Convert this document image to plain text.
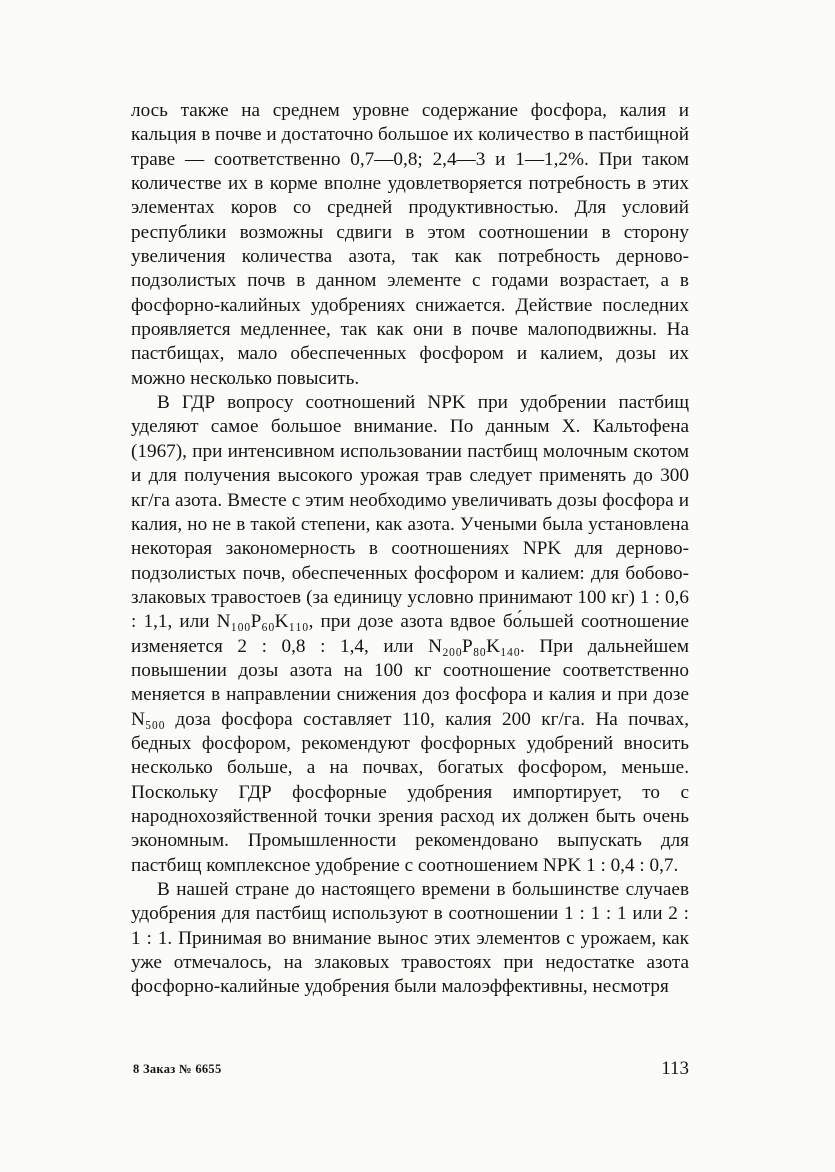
лось также на среднем уровне содержание фосфора, калия и кальция в почве и достаточно большое их количество в пастбищной траве — соответственно 0,7—0,8; 2,4—3 и 1—1,2%. При таком количестве их в корме вполне удовлетворяется потребность в этих элементах коров со средней продуктивностью. Для условий республики возможны сдвиги в этом соотношении в сторону увеличения количества азота, так как потребность дерново-подзолистых почв в данном элементе с годами возрастает, а в фосфорно-калийных удобрениях снижается. Действие последних проявляется медленнее, так как они в почве малоподвижны. На пастбищах, мало обеспеченных фосфором и калием, дозы их можно несколько повысить.

В ГДР вопросу соотношений NPK при удобрении пастбищ уделяют самое большое внимание. По данным Х. Кальтофена (1967), при интенсивном использовании пастбищ молочным скотом и для получения высокого урожая трав следует применять до 300 кг/га азота. Вместе с этим необходимо увеличивать дозы фосфора и калия, но не в такой степени, как азота. Учеными была установлена некоторая закономерность в соотношениях NPK для дерново-подзолистых почв, обеспеченных фосфором и калием: для бобово-злаковых травостоев (за единицу условно принимают 100 кг) 1 : 0,6 : 1,1, или N₁₀₀P₆₀K₁₁₀, при дозе азота вдвое бо́льшей соотношение изменяется 2 : 0,8 : 1,4, или N₂₀₀P₈₀K₁₄₀. При дальнейшем повышении дозы азота на 100 кг соотношение соответственно меняется в направлении снижения доз фосфора и калия и при дозе N₅₀₀ доза фосфора составляет 110, калия 200 кг/га. На почвах, бедных фосфором, рекомендуют фосфорных удобрений вносить несколько больше, а на почвах, богатых фосфором, меньше. Поскольку ГДР фосфорные удобрения импортирует, то с народнохозяйственной точки зрения расход их должен быть очень экономным. Промышленности рекомендовано выпускать для пастбищ комплексное удобрение с соотношением NPK 1 : 0,4 : 0,7.

В нашей стране до настоящего времени в большинстве случаев удобрения для пастбищ используют в соотношении 1 : 1 : 1 или 2 : 1 : 1. Принимая во внимание вынос этих элементов с урожаем, как уже отмечалось, на злаковых травостоях при недостатке азота фосфорно-калийные удобрения были малоэффективны, несмотря

8 Заказ № 6655	113
